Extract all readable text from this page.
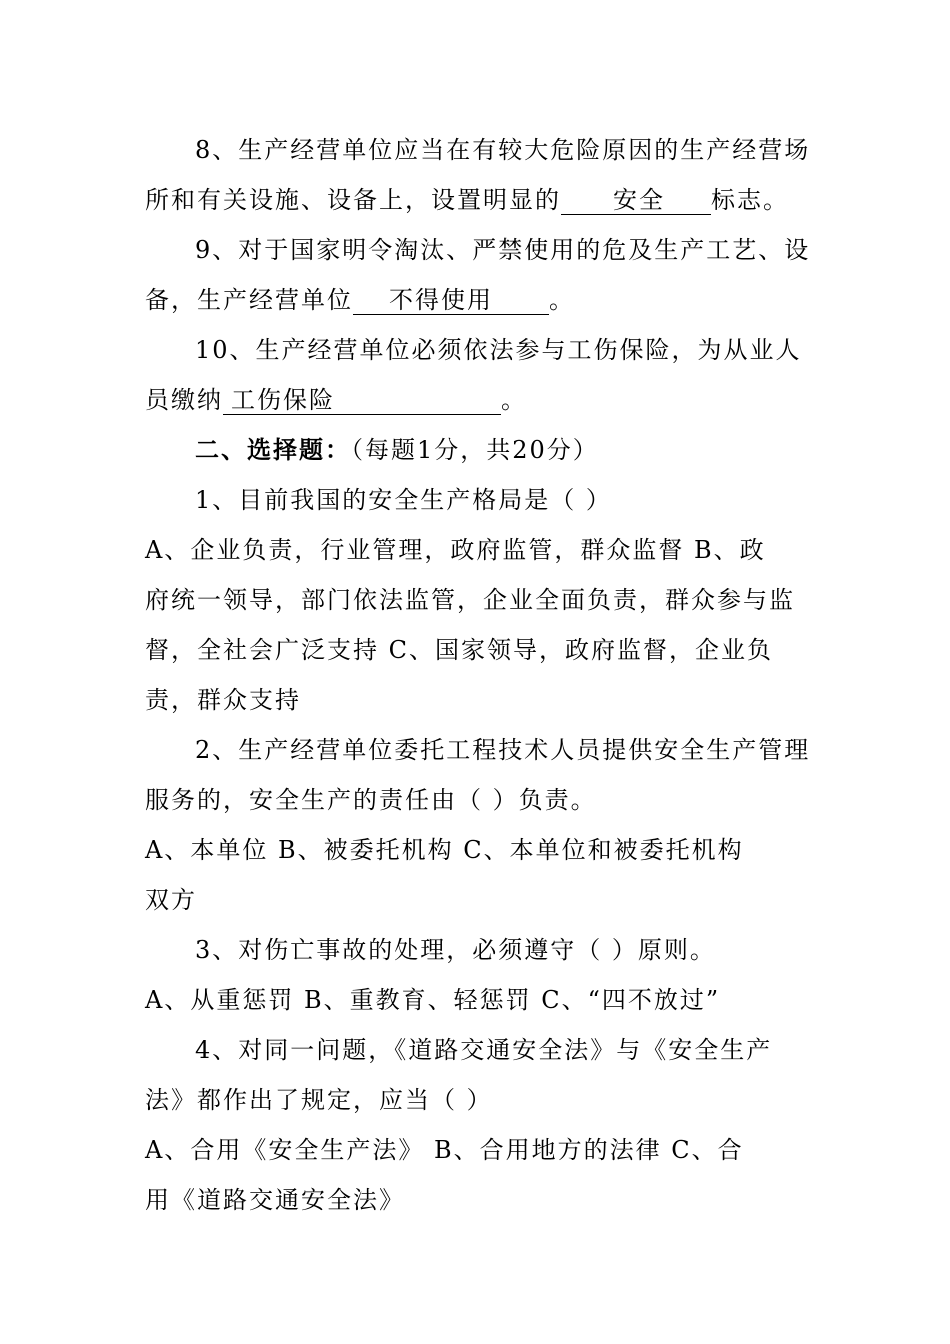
8、生产经营单位应当在有较大危险原因的生产经营场
所和有关设施、设备上，设置明显的 安全 标志。
9、对于国家明令淘汰、严禁使用的危及生产工艺、设
备，生产经营单位 不得使用 。
10、生产经营单位必须依法参与工伤保险，为从业人
员缴纳 工伤保险	。
二、选择题：（每题1分，共20分）
1、目前我国的安全生产格局是（ ）
A、企业负责，行业管理，政府监管，群众监督 B、政
府统一领导，部门依法监管，企业全面负责，群众参与监
督，全社会广泛支持 C、国家领导，政府监督，企业负
责，群众支持
2、生产经营单位委托工程技术人员提供安全生产管理
服务的，安全生产的责任由（ ）负责。
A、本单位 B、被委托机构 C、本单位和被委托机构
双方
3、对伤亡事故的处理，必须遵守（ ）原则。
A、从重惩罚 B、重教育、轻惩罚 C、“四不放过”
4、对同一问题，《道路交通安全法》与《安全生产
法》都作出了规定，应当（ ）
A、合用《安全生产法》 B、合用地方的法律 C、合
用《道路交通安全法》
